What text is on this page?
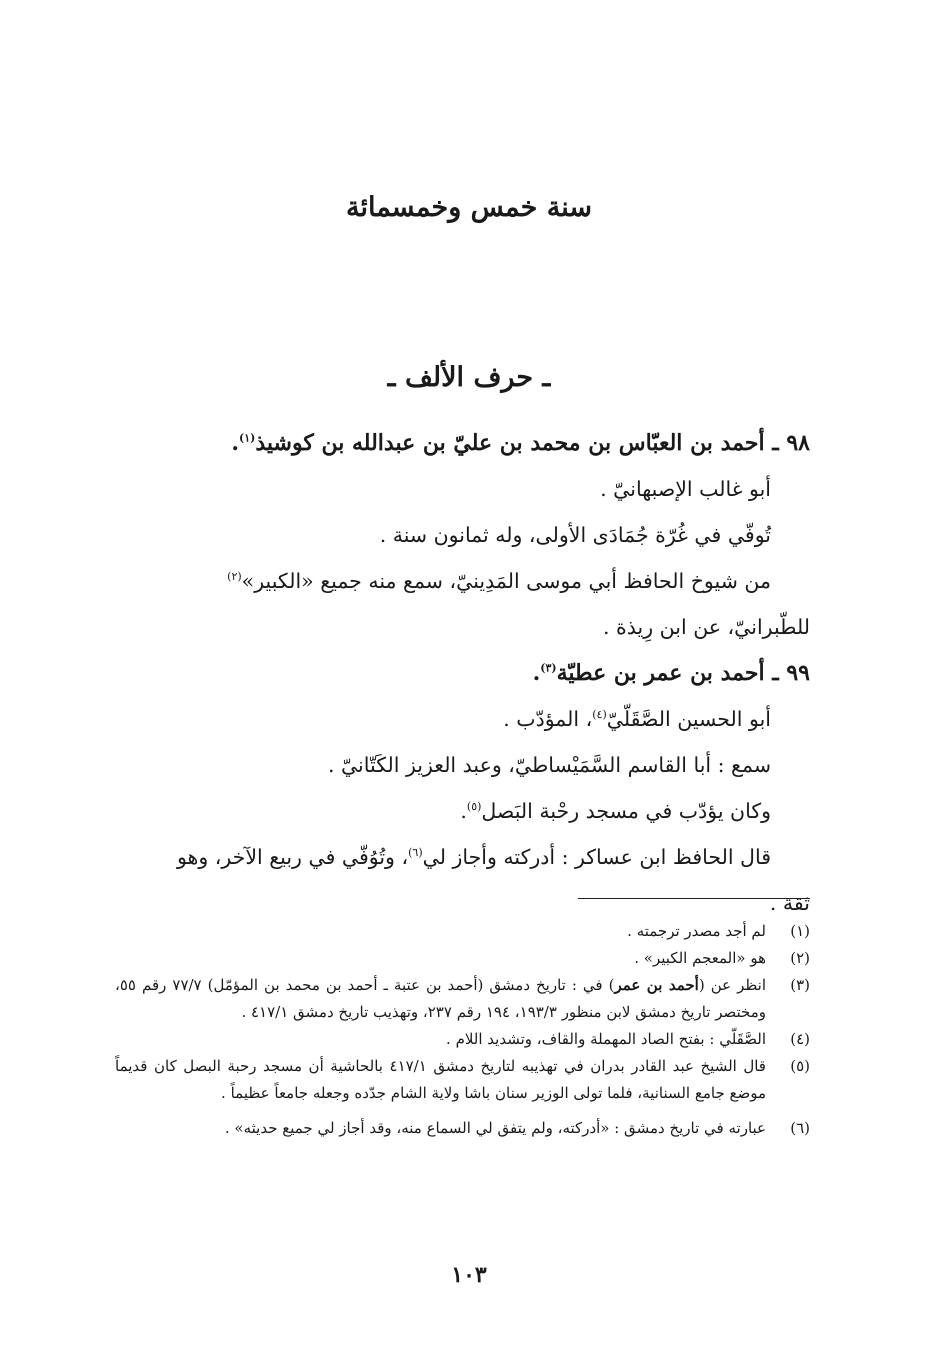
سنة خمس وخمسمائة
ـ حرف الألف ـ
٩٨ ـ أحمد بن العبّاس بن محمد بن عليّ بن عبدالله بن كوشيذ$^{(١)}$.
أبو غالب الإصبهانيّ .
تُوفّي في غُرّة جُمَادَى الأولى، وله ثمانون سنة .
من شيوخ الحافظ أبي موسى المَدِينيّ، سمع منه جميع «الكبير»$^{(٢)}$
للطّبرانيّ، عن ابن رِيذة .
٩٩ ـ أحمد بن عمر بن عطيّة$^{(٣)}$.
أبو الحسين الصَّقَلّيّ$^{(٤)}$، المؤدّب .
سمع : أبا القاسم السَّمَيْساطيّ، وعبد العزيز الكَتّانيّ .
وكان يؤدّب في مسجد رحْبة البَصل$^{(٥)}$.
قال الحافظ ابن عساكر : أدركته وأجاز لي$^{(٦)}$، وتُوُفّي في ربيع الآخر، وهو
ثقة .
(١)
لم أجد مصدر ترجمته .
(٢)
هو «المعجم الكبير» .
(٣)
انظر عن (أحمد بن عمر) في : تاريخ دمشق (أحمد بن عتبة ـ أحمد بن محمد بن المؤمّل) ٧٧/٧ رقم ٥٥، ومختصر تاريخ دمشق لابن منظور ١٩٣/٣، ١٩٤ رقم ٢٣٧، وتهذيب تاريخ دمشق ٤١٧/١ .
(٤)
الصَّقَلّي : بفتح الصاد المهملة والقاف، وتشديد اللام .
(٥)
قال الشيخ عبد القادر بدران في تهذيبه لتاريخ دمشق ٤١٧/١ بالحاشية أن مسجد رحبة البصل كان قديماً موضع جامع السنانية، فلما تولى الوزير سنان باشا ولاية الشام جدّده وجعله جامعاً عظيماً .
(٦)
عبارته في تاريخ دمشق : «أدركته، ولم يتفق لي السماع منه، وقد أجاز لي جميع حديثه» .
١٠٣
